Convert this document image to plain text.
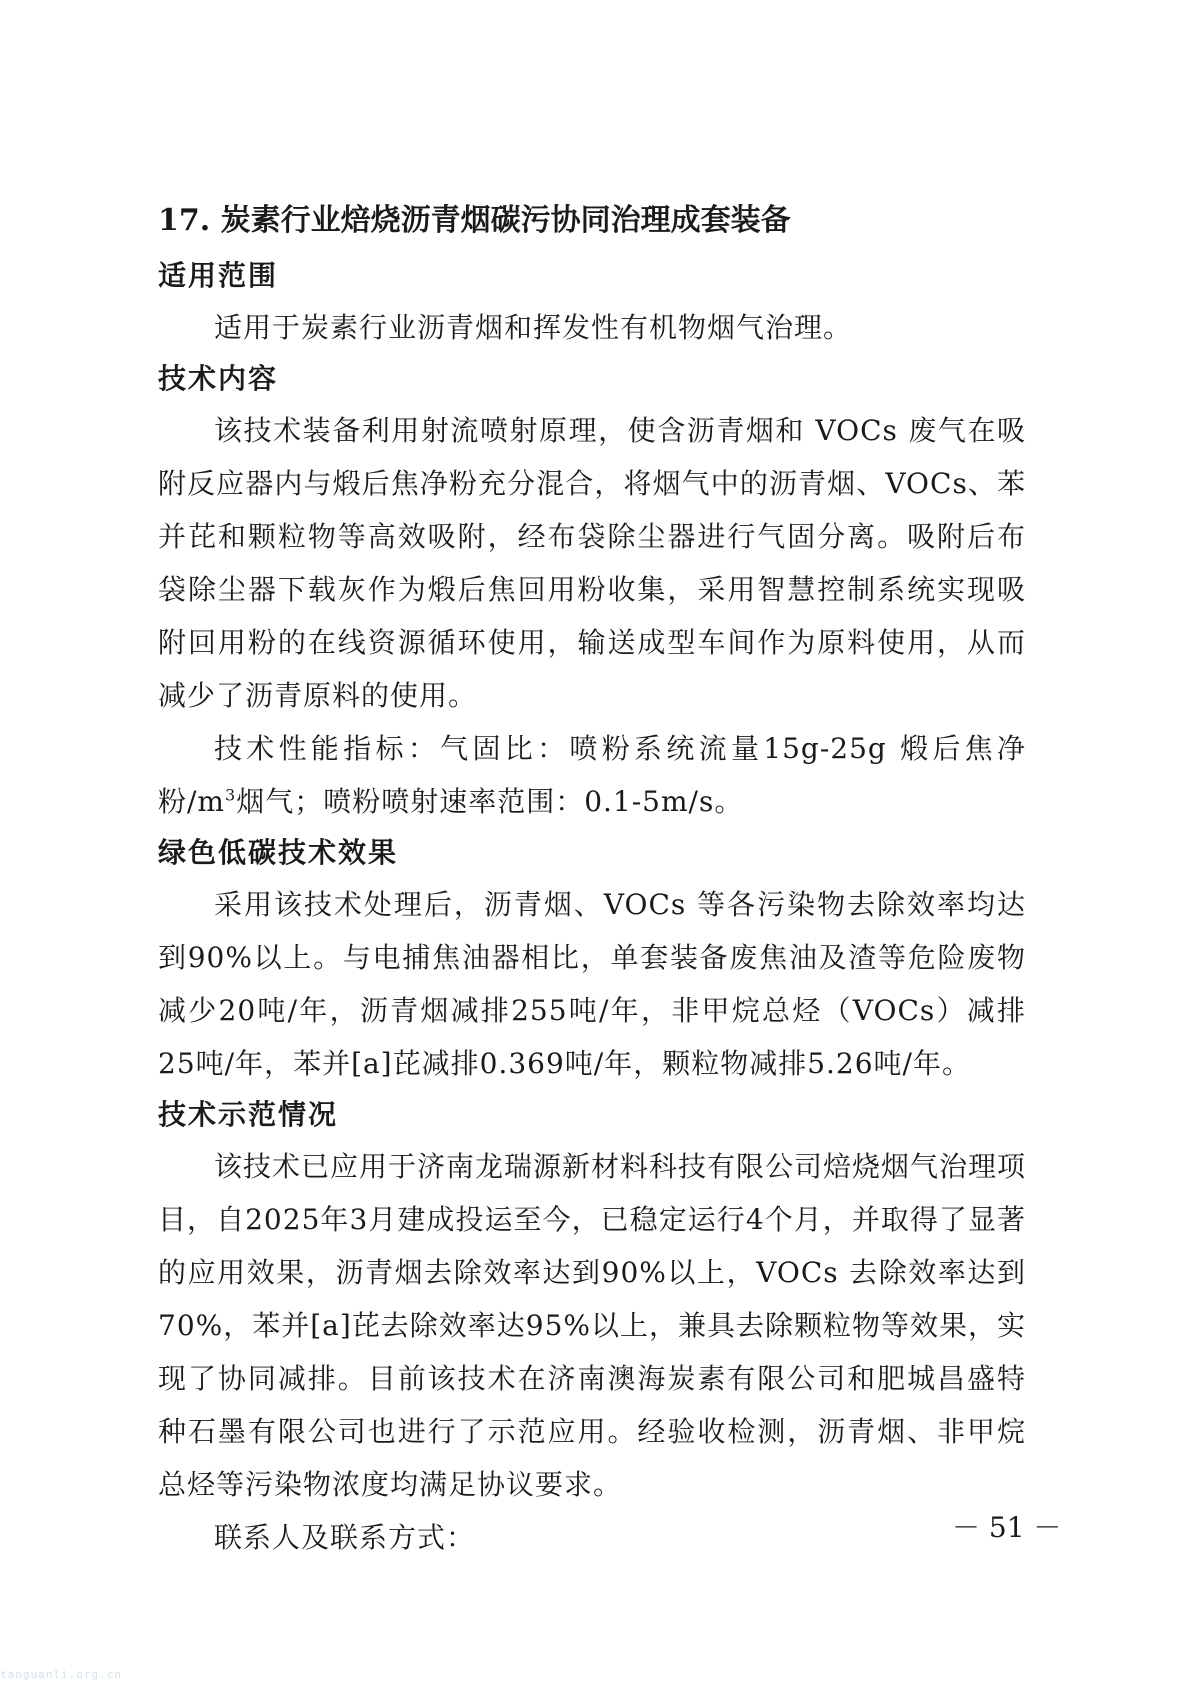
17. 炭素行业焙烧沥青烟碳污协同治理成套装备
适用范围

适用于炭素行业沥青烟和挥发性有机物烟气治理。

技术内容

该技术装备利用射流喷射原理，使含沥青烟和 VOCs 废气在吸附反应器内与煅后焦净粉充分混合，将烟气中的沥青烟、VOCs、苯并芘和颗粒物等高效吸附，经布袋除尘器进行气固分离。吸附后布袋除尘器下载灰作为煅后焦回用粉收集，采用智慧控制系统实现吸附回用粉的在线资源循环使用，输送成型车间作为原料使用，从而减少了沥青原料的使用。

技术性能指标：气固比：喷粉系统流量15g-25g 煅后焦净粉$/m^3$烟气；喷粉喷射速率范围：0.1-5m/s。

绿色低碳技术效果

采用该技术处理后，沥青烟、VOCs 等各污染物去除效率均达到90%以上。与电捕焦油器相比，单套装备废焦油及渣等危险废物减少20吨/年，沥青烟减排255吨/年，非甲烷总烃（VOCs）减排25吨/年，苯并[a]芘减排0.369吨/年，颗粒物减排5.26吨/年。

技术示范情况

该技术已应用于济南龙瑞源新材料科技有限公司焙烧烟气治理项目，自2025年3月建成投运至今，已稳定运行4个月，并取得了显著的应用效果，沥青烟去除效率达到90%以上，VOCs 去除效率达到70%，苯并[a]芘去除效率达95%以上，兼具去除颗粒物等效果，实现了协同减排。目前该技术在济南澳海炭素有限公司和肥城昌盛特种石墨有限公司也进行了示范应用。经验收检测，沥青烟、非甲烷总烃等污染物浓度均满足协议要求。

联系人及联系方式：	－ 51 －
tanguanli.org.cn
